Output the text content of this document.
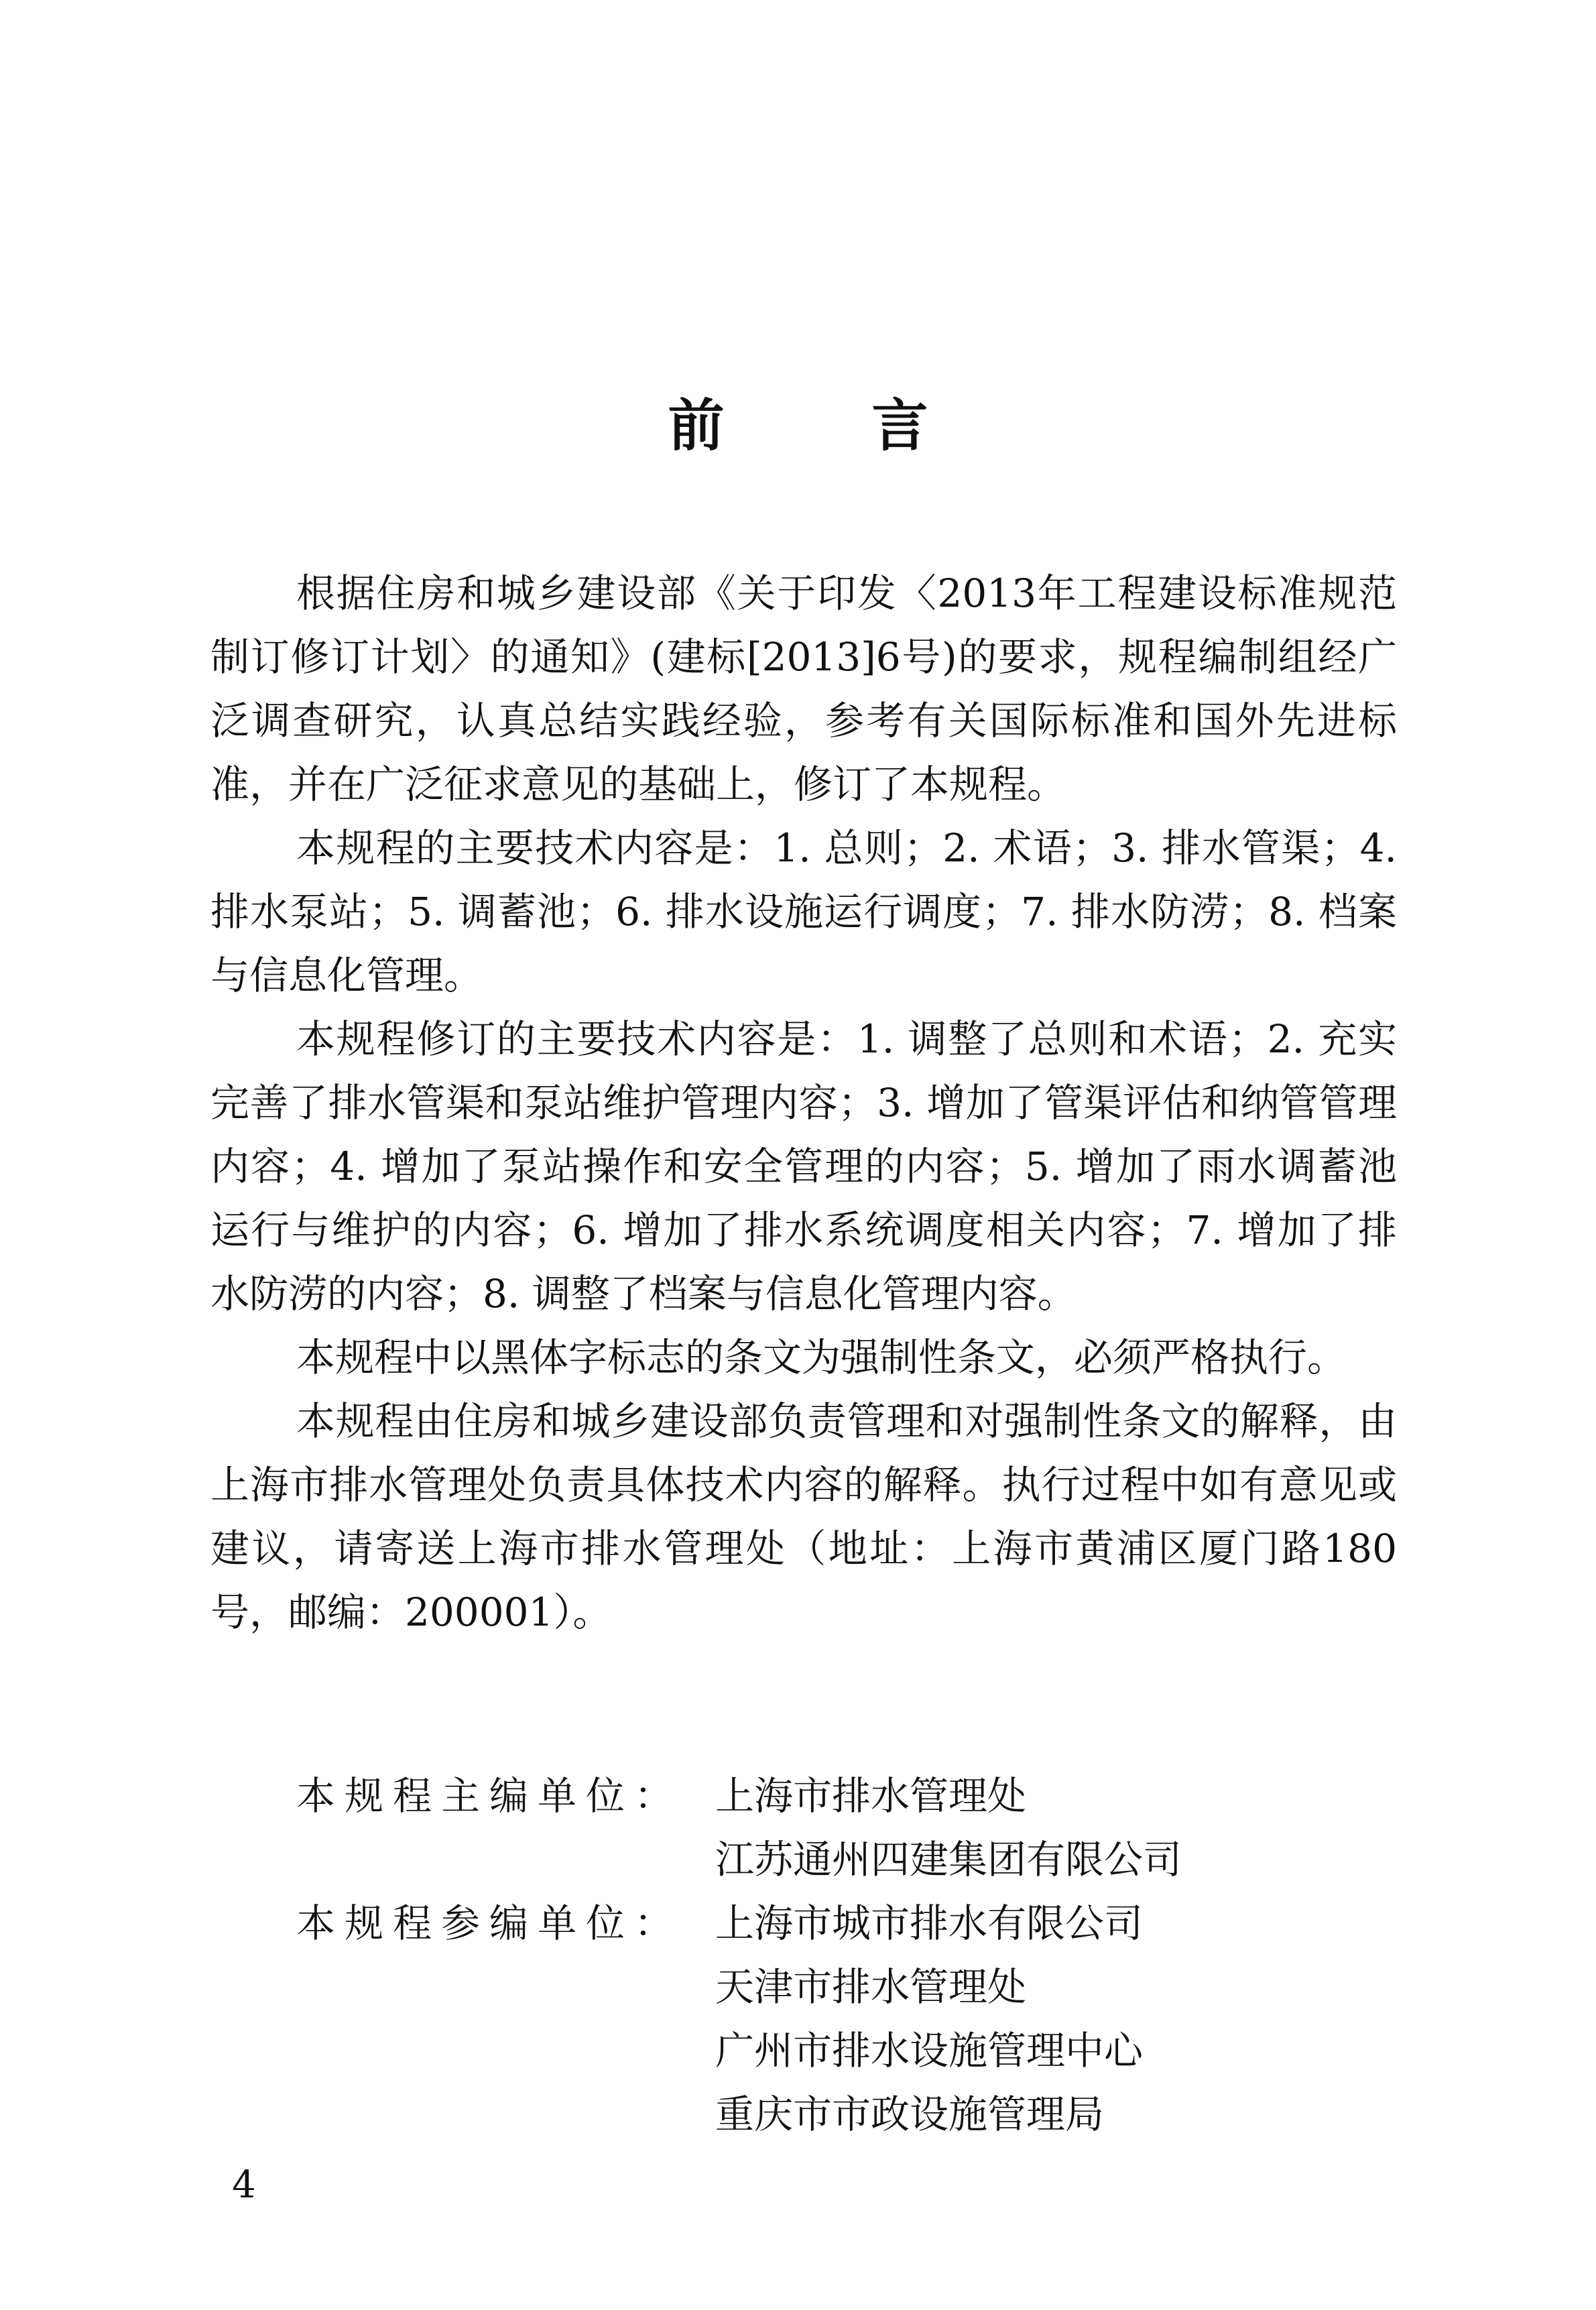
前	言

根据住房和城乡建设部《关于印发〈2013年工程建设标准规范制订修订计划〉的通知》(建标[2013]6号)的要求，规程编制组经广泛调查研究，认真总结实践经验，参考有关国际标准和国外先进标准，并在广泛征求意见的基础上，修订了本规程。

本规程的主要技术内容是：1. 总则；2. 术语；3. 排水管渠；4. 排水泵站；5. 调蓄池；6. 排水设施运行调度；7. 排水防涝；8. 档案与信息化管理。

本规程修订的主要技术内容是：1. 调整了总则和术语；2. 充实完善了排水管渠和泵站维护管理内容；3. 增加了管渠评估和纳管管理内容；4. 增加了泵站操作和安全管理的内容；5. 增加了雨水调蓄池运行与维护的内容；6. 增加了排水系统调度相关内容；7. 增加了排水防涝的内容；8. 调整了档案与信息化管理内容。

本规程中以黑体字标志的条文为强制性条文，必须严格执行。

本规程由住房和城乡建设部负责管理和对强制性条文的解释，由上海市排水管理处负责具体技术内容的解释。执行过程中如有意见或建议，请寄送上海市排水管理处（地址：上海市黄浦区厦门路180号，邮编：200001）。

本规程主编单位： 上海市排水管理处
江苏通州四建集团有限公司
本规程参编单位： 上海市城市排水有限公司
天津市排水管理处
广州市排水设施管理中心
重庆市市政设施管理局
4
